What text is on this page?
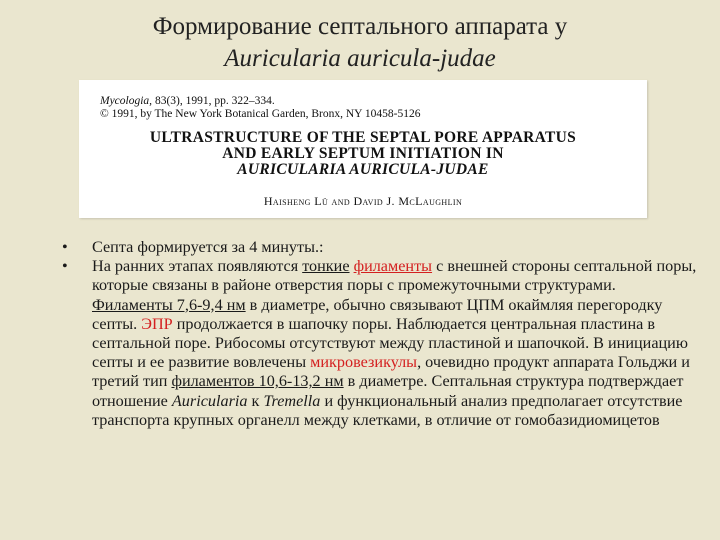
Формирование септального аппарата у
Auricularia auricula-judae
Mycologia, 83(3), 1991, pp. 322–334.
© 1991, by The New York Botanical Garden, Bronx, NY 10458-5126
ULTRASTRUCTURE OF THE SEPTAL PORE APPARATUS
AND EARLY SEPTUM INITIATION IN
AURICULARIA AURICULA-JUDAE
Haisheng Lü and David J. McLaughlin
• Септа формируется за 4 минуты.:
• На ранних этапах появляются тонкие филаменты с внешней стороны септальной поры, которые связаны в районе отверстия поры с промежуточными структурами. Филаменты 7,6-9,4 нм в диаметре, обычно связывают ЦПМ окаймляя перегородку септы. ЭПР продолжается в шапочку поры. Наблюдается центральная пластина в септальной поре. Рибосомы отсутствуют между пластиной и шапочкой. В инициацию септы и ее развитие вовлечены микровезикулы, очевидно продукт аппарата Гольджи и третий тип филаментов 10,6-13,2 нм в диаметре. Септальная структура подтверждает отношение Auricularia к Tremella и функциональный анализ предполагает отсутствие транспорта крупных органелл между клетками, в отличие от гомобазидиомицетов
